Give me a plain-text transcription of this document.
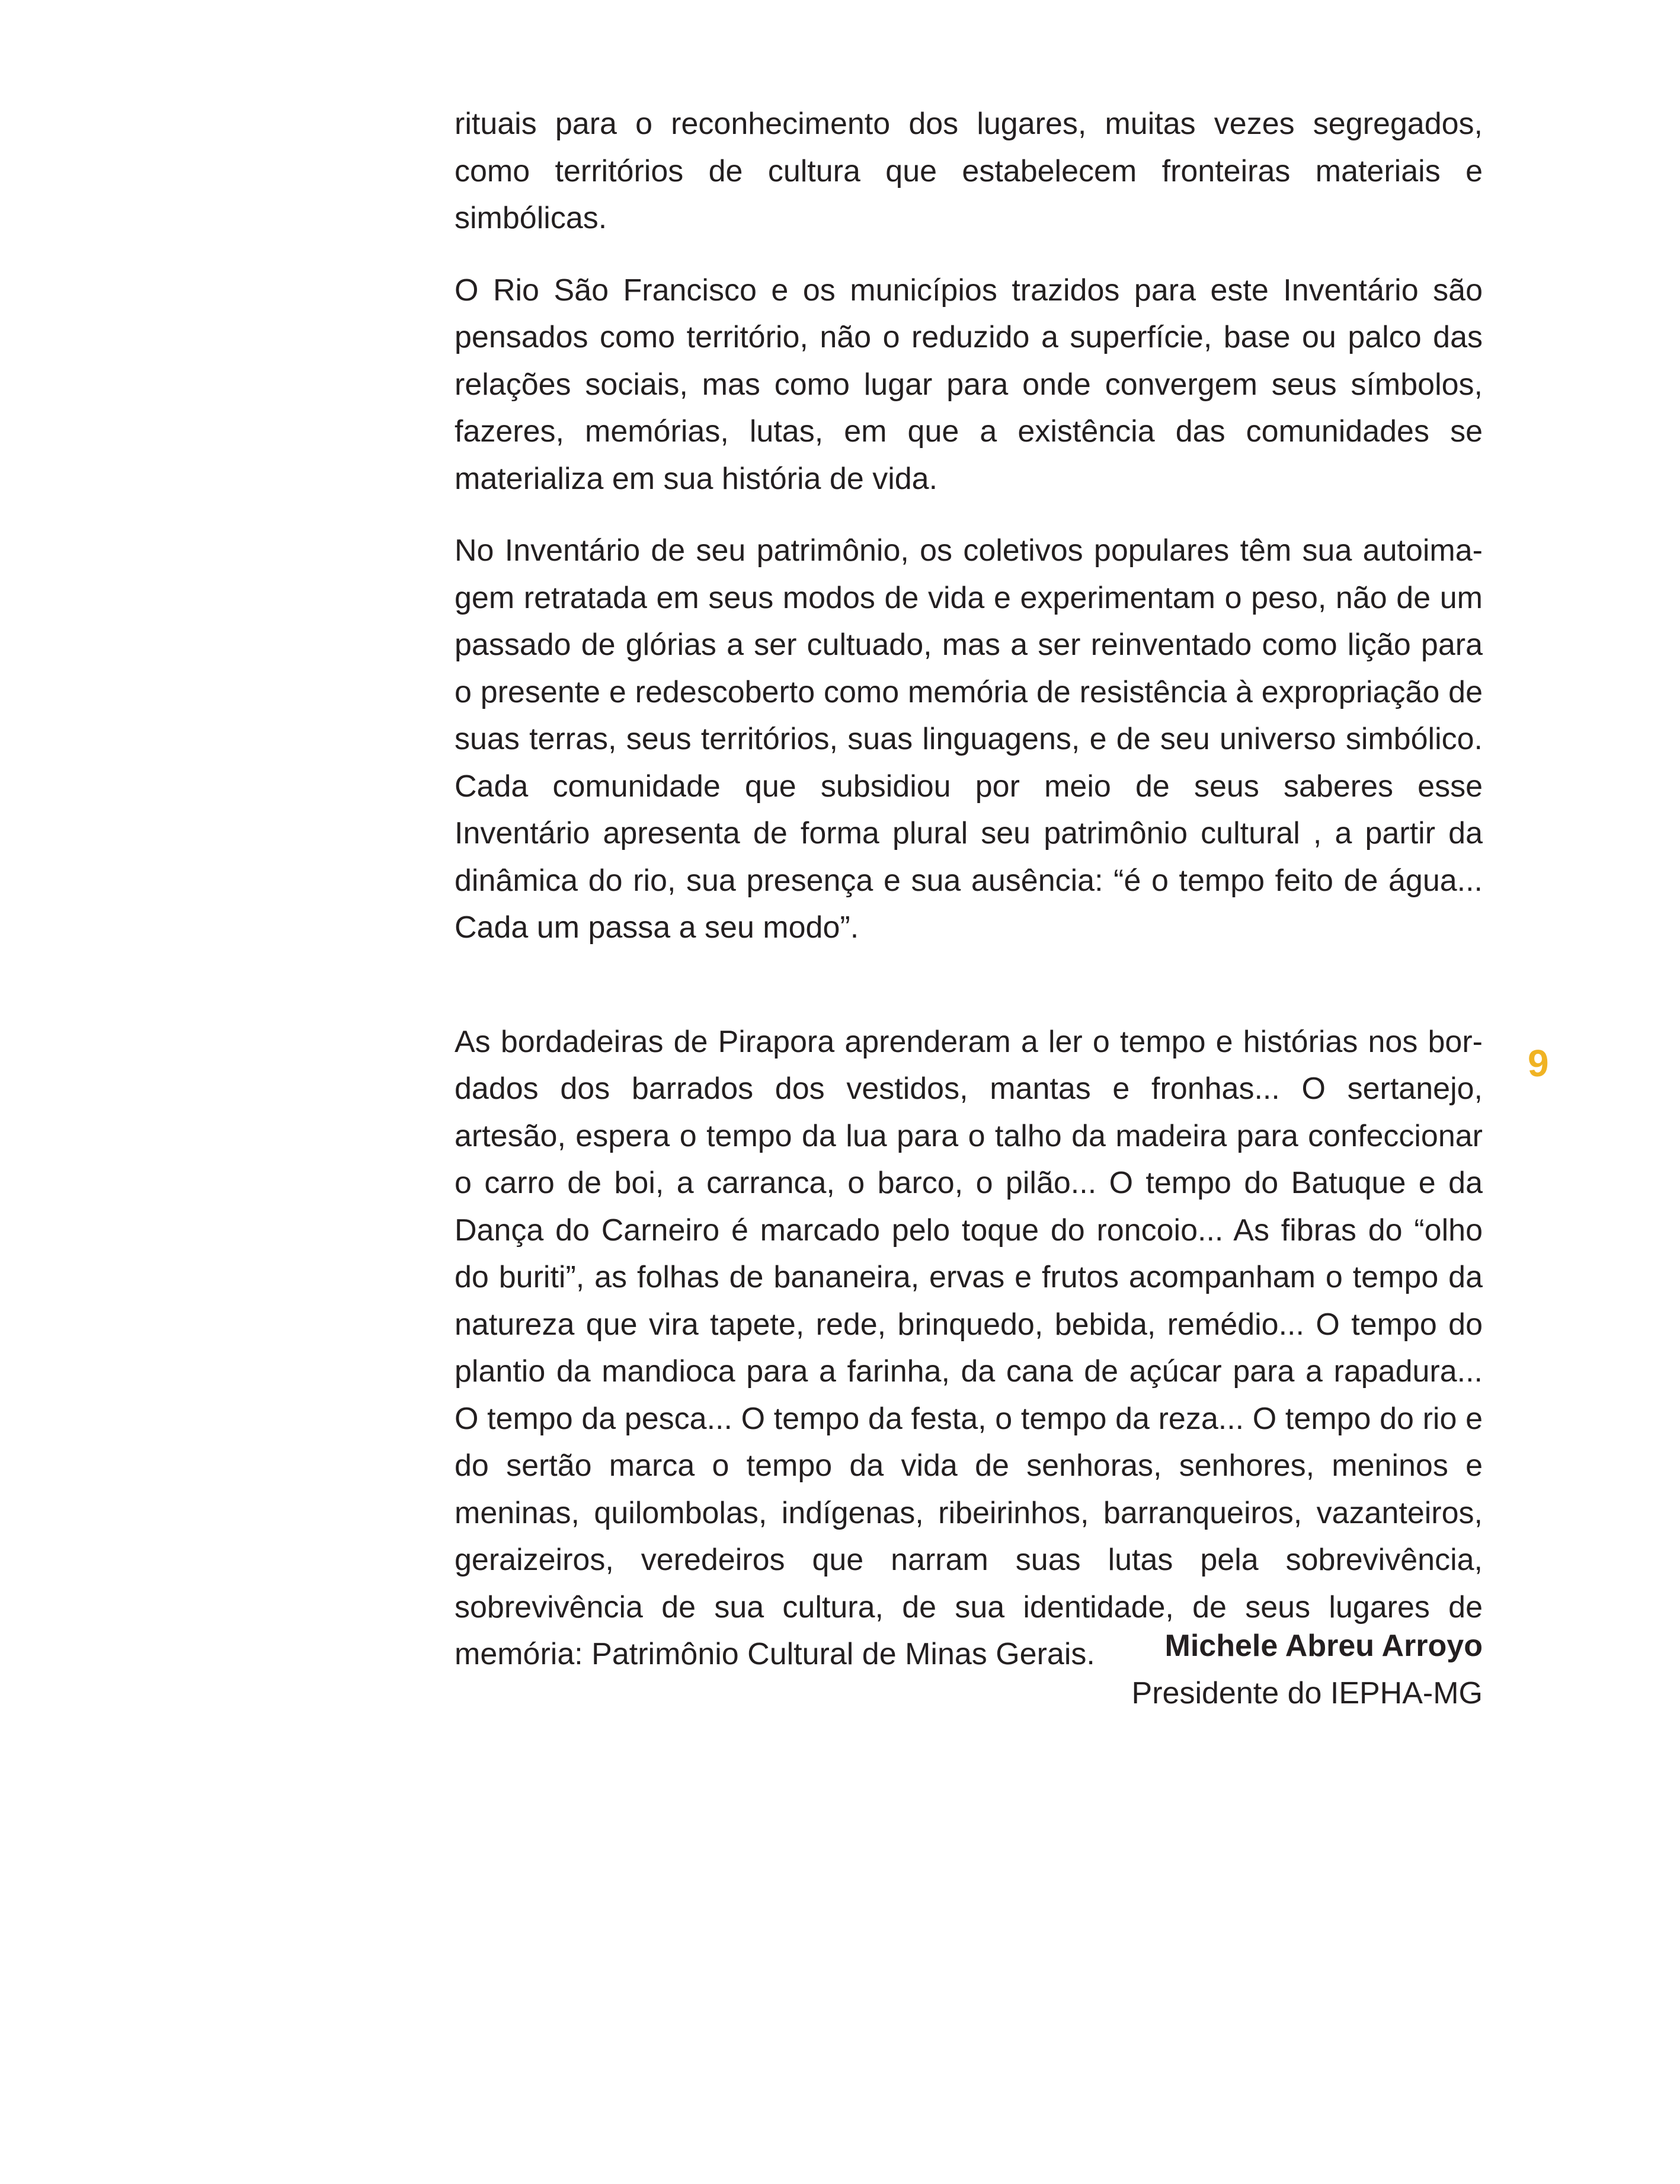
rituais para o reconhecimento dos lugares, muitas vezes segregados, como territórios de cultura que estabelecem fronteiras materiais e simbólicas.

O Rio São Francisco e os municípios trazidos para este Inventário são pensados como território, não o reduzido a superfície, base ou palco das relações sociais, mas como lugar para onde convergem seus símbolos, fazeres, memórias, lutas, em que a existência das comunidades se materializa em sua história de vida.

No Inventário de seu patrimônio, os coletivos populares têm sua autoimagem retratada em seus modos de vida e experimentam o peso, não de um passado de glórias a ser cultuado, mas a ser reinventado como lição para o presente e redescoberto como memória de resistência à expropriação de suas terras, seus territórios, suas linguagens, e de seu universo simbólico. Cada comunidade que subsidiou por meio de seus saberes esse Inventário apresenta de forma plural seu patrimônio cultural , a partir da dinâmica do rio, sua presença e sua ausência: “é o tempo feito de água... Cada um passa a seu modo”.

As bordadeiras de Pirapora aprenderam a ler o tempo e histórias nos bordados dos barrados dos vestidos, mantas e fronhas... O sertanejo, artesão, espera o tempo da lua para o talho da madeira para confeccionar o carro de boi, a carranca, o barco, o pilão... O tempo do Batuque e da Dança do Carneiro é marcado pelo toque do roncoio... As fibras do “olho do buriti”, as folhas de bananeira, ervas e frutos acompanham o tempo da natureza que vira tapete, rede, brinquedo, bebida, remédio... O tempo do plantio da mandioca para a farinha, da cana de açúcar para a rapadura... O tempo da pesca... O tempo da festa, o tempo da reza... O tempo do rio e do sertão marca o tempo da vida de senhoras, senhores, meninos e meninas, quilombolas, indígenas, ribeirinhos, barranqueiros, vazanteiros, geraizeiros, veredeiros que narram suas lutas pela sobrevivência, sobrevivência de sua cultura, de sua identidade, de seus lugares de memória: Patrimônio Cultural de Minas Gerais.	Michele Abreu Arroyo
Presidente do IEPHA-MG
9
